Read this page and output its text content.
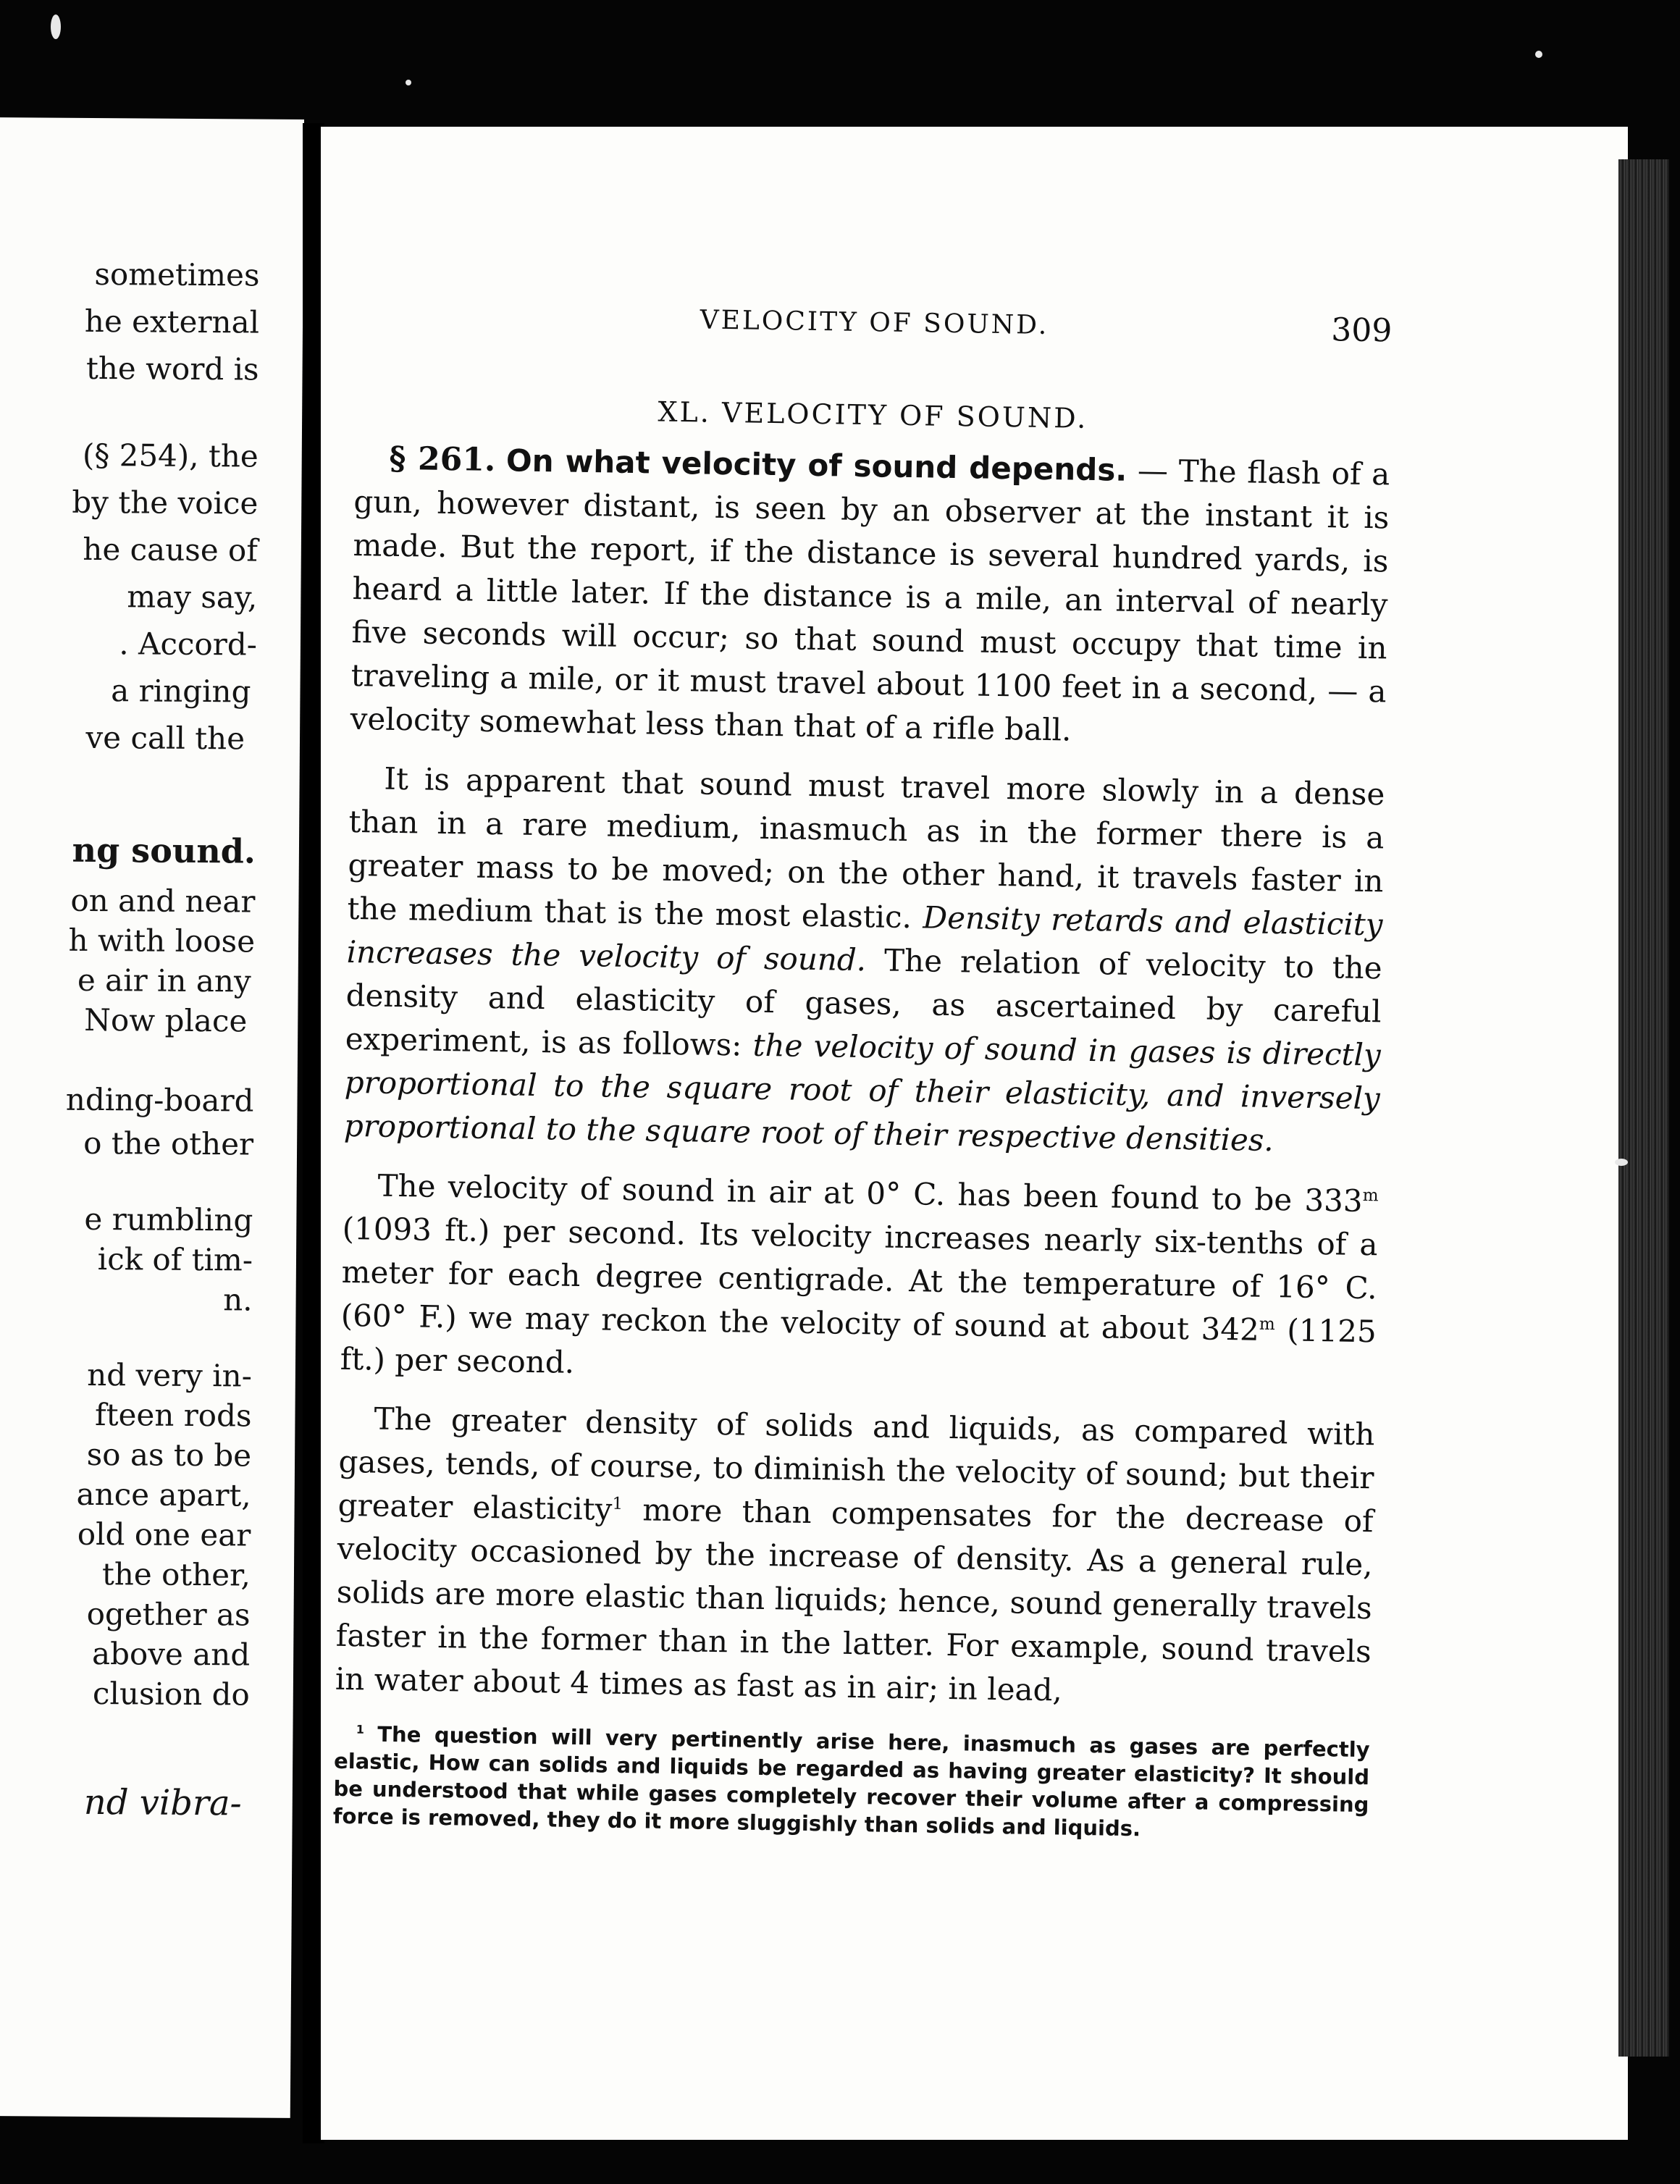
sometimes
he external
the word is
(§ 254), the
by the voice
he cause of
may say,
. Accord-
a ringing
ve call the
ng sound.
on and near
h with loose
e air in any
Now place
nding-board
o the other
e rumbling
ick of tim-
n.
nd very in-
fteen rods
so as to be
ance apart,
old one ear
the other,
ogether as
above and
clusion do
nd vibra-
VELOCITY OF SOUND.	309
XL. VELOCITY OF SOUND.

§ 261. On what velocity of sound depends. — The flash of a gun, however distant, is seen by an observer at the instant it is made. But the report, if the distance is several hundred yards, is heard a little later. If the distance is a mile, an interval of nearly five seconds will occur; so that sound must occupy that time in traveling a mile, or it must travel about 1100 feet in a second, — a velocity somewhat less than that of a rifle ball.

It is apparent that sound must travel more slowly in a dense than in a rare medium, inasmuch as in the former there is a greater mass to be moved; on the other hand, it travels faster in the medium that is the most elastic. Density retards and elasticity increases the velocity of sound. The relation of velocity to the density and elasticity of gases, as ascertained by careful experiment, is as follows: the velocity of sound in gases is directly proportional to the square root of their elasticity, and inversely proportional to the square root of their respective densities.

The velocity of sound in air at 0° C. has been found to be 333$^m$ (1093 ft.) per second. Its velocity increases nearly six-tenths of a meter for each degree centigrade. At the temperature of 16° C. (60° F.) we may reckon the velocity of sound at about 342$^m$ (1125 ft.) per second.

The greater density of solids and liquids, as compared with gases, tends, of course, to diminish the velocity of sound; but their greater elasticity$^1$ more than compensates for the decrease of velocity occasioned by the increase of density. As a general rule, solids are more elastic than liquids; hence, sound generally travels faster in the former than in the latter. For example, sound travels in water about 4 times as fast as in air; in lead,

$^1$ The question will very pertinently arise here, inasmuch as gases are perfectly elastic, How can solids and liquids be regarded as having greater elasticity? It should be understood that while gases completely recover their volume after a compressing force is removed, they do it more sluggishly than solids and liquids.
